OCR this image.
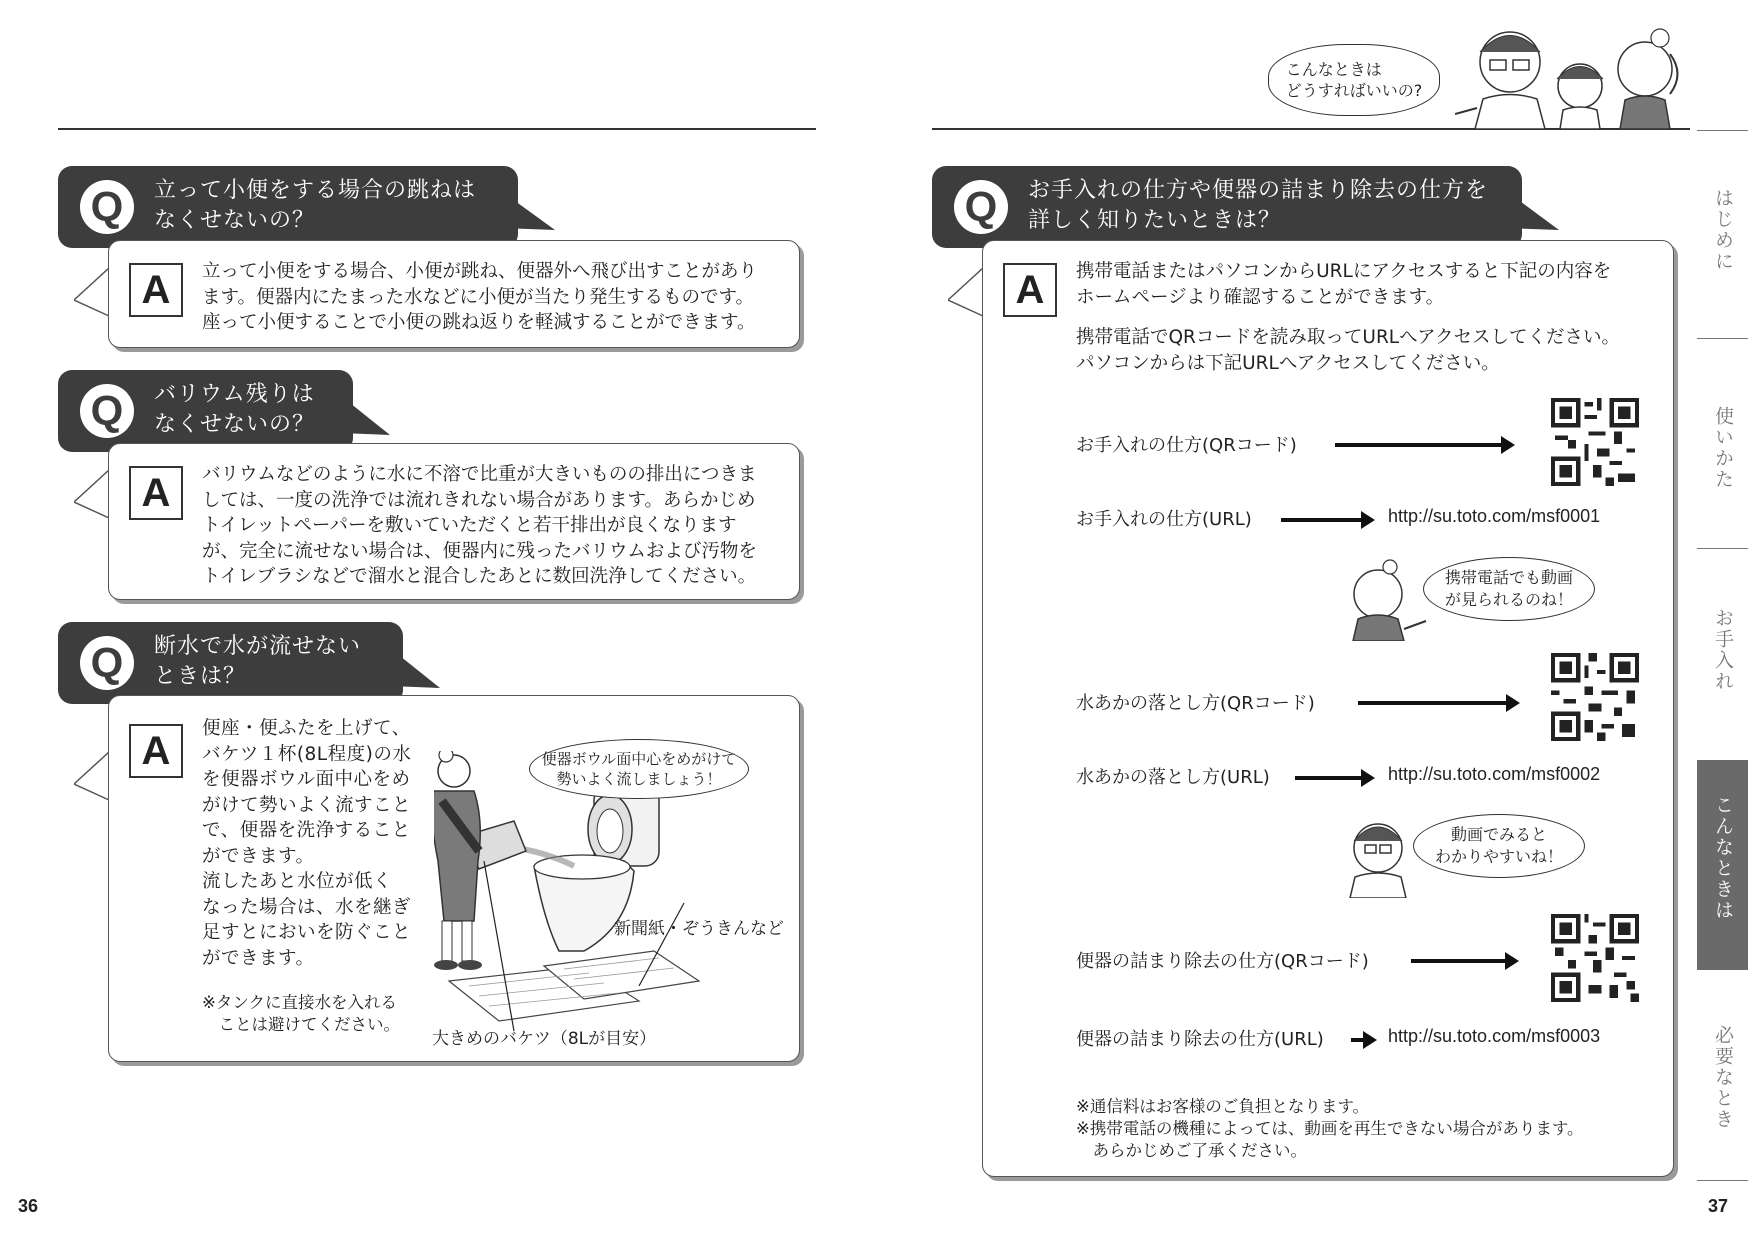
Q	立って小便をする場合の跳ねは
なくせないの？
A	立って小便をする場合、小便が跳ね、便器外へ飛び出すことがあり
ます。便器内にたまった水などに小便が当たり発生するものです。
座って小便することで小便の跳ね返りを軽減することができます。
Q	バリウム残りは
なくせないの？
A	バリウムなどのように水に不溶で比重が大きいものの排出につきま
しては、一度の洗浄では流れきれない場合があります。あらかじめ
トイレットペーパーを敷いていただくと若干排出が良くなります
が、完全に流せない場合は、便器内に残ったバリウムおよび汚物を
トイレブラシなどで溜水と混合したあとに数回洗浄してください。
Q	断水で水が流せない
ときは？
A
便座・便ふたを上げて、
バケツ１杯(8L程度)の水
を便器ボウル面中心をめ
がけて勢いよく流すこと
で、便器を洗浄すること
ができます。
流したあと水位が低く
なった場合は、水を継ぎ
足すとにおいを防ぐこと
ができます。
※タンクに直接水を入れる
　ことは避けてください。
便器ボウル面中心をめがけて
勢いよく流しましょう！
新聞紙・ぞうきんなど
大きめのバケツ（8Lが目安）
36
こんなときは
どうすればいいの?
Q	お手入れの仕方や便器の詰まり除去の仕方を
詳しく知りたいときは？
A	携帯電話またはパソコンからURLにアクセスすると下記の内容を
ホームページより確認することができます。
携帯電話でQRコードを読み取ってURLへアクセスしてください。
パソコンからは下記URLへアクセスしてください。
お手入れの仕方(QRコード)
お手入れの仕方(URL)	http://su.toto.com/msf0001
携帯電話でも動画
が見られるのね！
水あかの落とし方(QRコード)
水あかの落とし方(URL)	http://su.toto.com/msf0002
動画でみると
わかりやすいね！
便器の詰まり除去の仕方(QRコード)
便器の詰まり除去の仕方(URL)	http://su.toto.com/msf0003
※通信料はお客様のご負担となります。
※携帯電話の機種によっては、動画を再生できない場合があります。
　あらかじめご了承ください。
37
はじめに
使いかた
お手入れ
こんなときは
必要なとき
